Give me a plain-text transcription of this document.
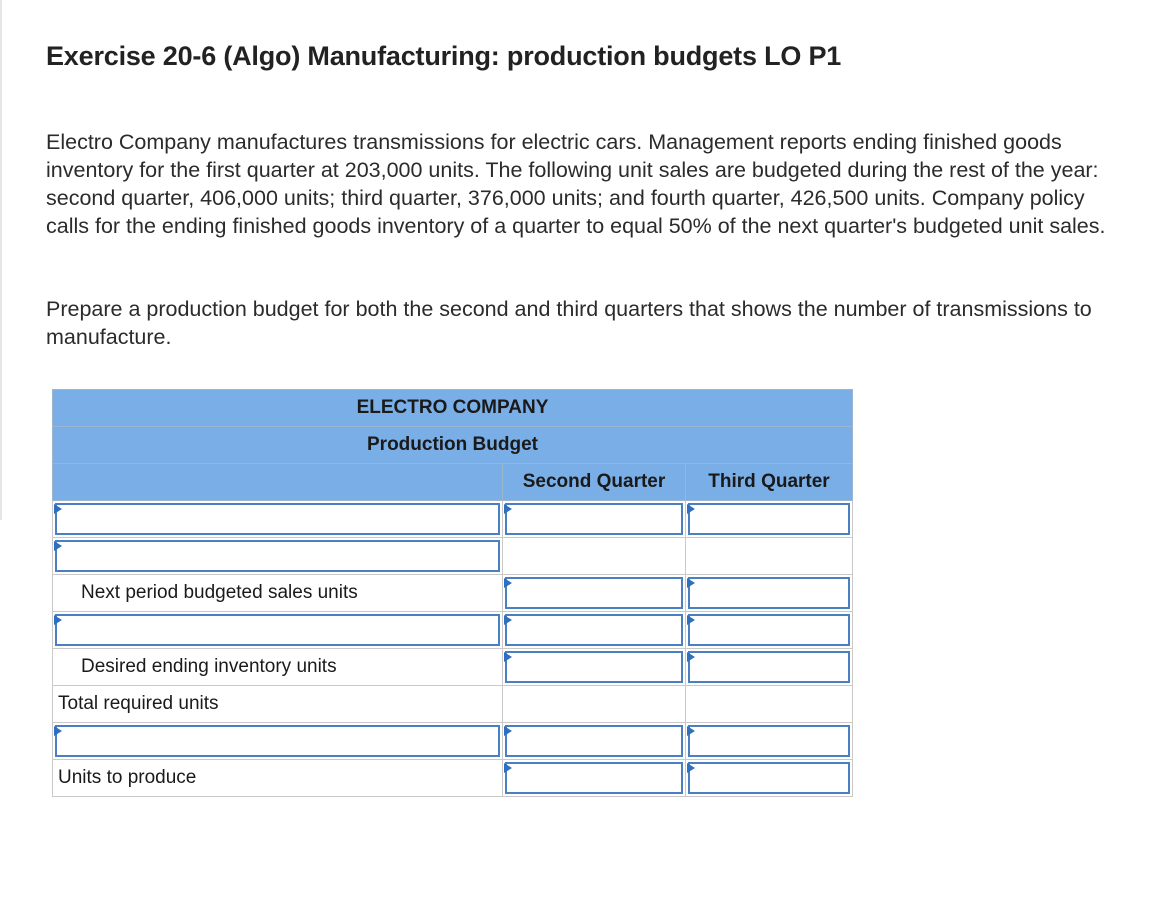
Exercise 20-6 (Algo) Manufacturing: production budgets LO P1

Electro Company manufactures transmissions for electric cars. Management reports ending finished goods inventory for the first quarter at 203,000 units. The following unit sales are budgeted during the rest of the year: second quarter, 406,000 units; third quarter, 376,000 units; and fourth quarter, 426,500 units. Company policy calls for the ending finished goods inventory of a quarter to equal 50% of the next quarter's budgeted unit sales.

Prepare a production budget for both the second and third quarters that shows the number of transmissions to manufacture.

ELECTRO COMPANY		
Production Budget		
	Second Quarter	Third Quarter

Next period budgeted sales units	

Desired ending inventory units	

Total required units		

Units to produce	
